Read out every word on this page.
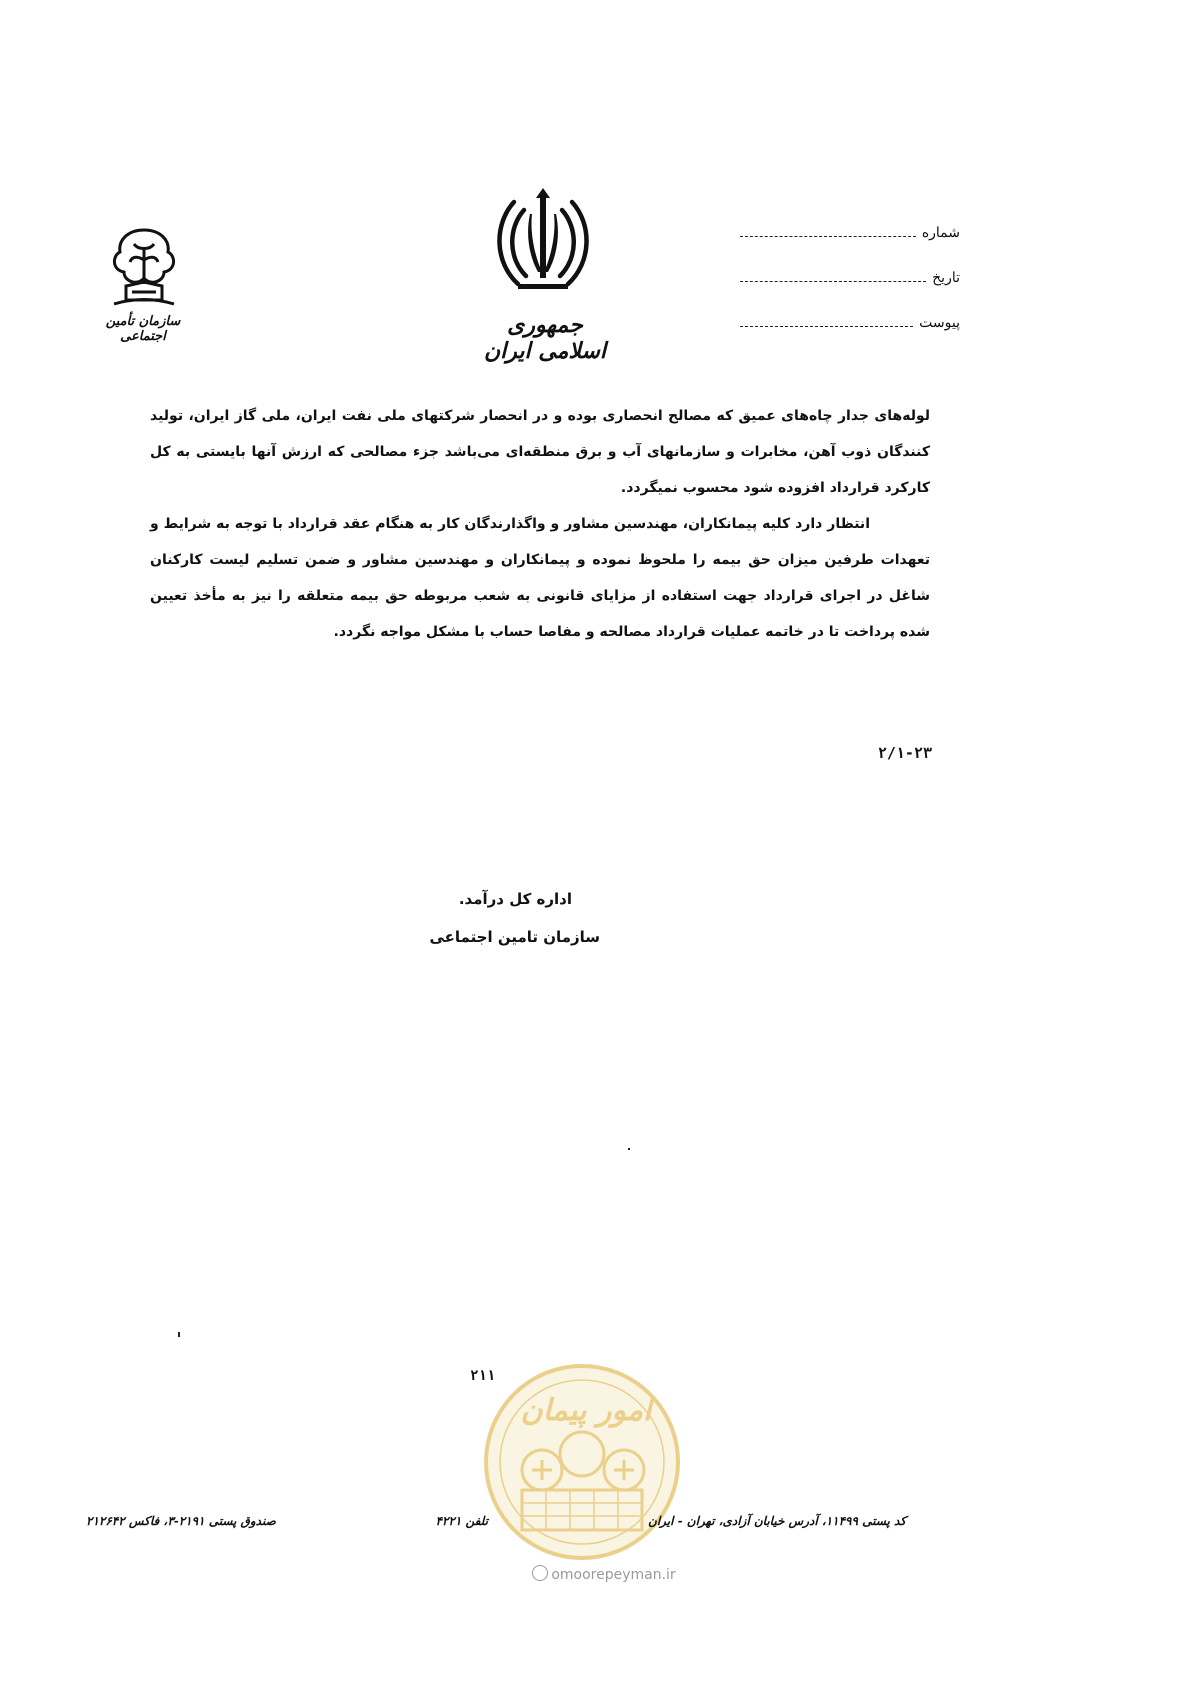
شماره
تاریخ
پیوست
جمهوری اسلامی ایران
سازمان تأمین اجتماعی

لوله‌های جدار چاه‌های عمیق که مصالح انحصاری بوده و در انحصار شرکتهای ملی نفت ایران، ملی گاز ایران، تولید کنندگان ذوب آهن، مخابرات و سازمانهای آب و برق منطقه‌ای می‌باشد جزء مصالحی که ارزش آنها بایستی به کل کارکرد قرارداد افزوده شود محسوب نمیگردد.

انتظار دارد کلیه پیمانکاران، مهندسین مشاور و واگذارندگان کار به هنگام عقد قرارداد با توجه به شرایط و تعهدات طرفین میزان حق بیمه را ملحوظ نموده و پیمانکاران و مهندسین مشاور و ضمن تسلیم لیست کارکنان شاغل در اجرای قرارداد جهت استفاده از مزایای قانونی به شعب مربوطه حق بیمه متعلقه را نیز به مأخذ تعیین شده پرداخت تا در خاتمه عملیات قرارداد مصالحه و مفاصا حساب با مشکل مواجه نگردد.

۲/۱-۲۳
اداره کل درآمد.
سازمان تامین اجتماعی
امور پیمان
۲۱۱
omoorepeyman.ir
کد پستی ۱۱۴۹۹، آدرس خیابان آزادی، تهران - ایران
تلفن ۴۲۲۱
صندوق پستی ۲۱۹۱-۳، فاکس ۲۱۲۶۴۲
